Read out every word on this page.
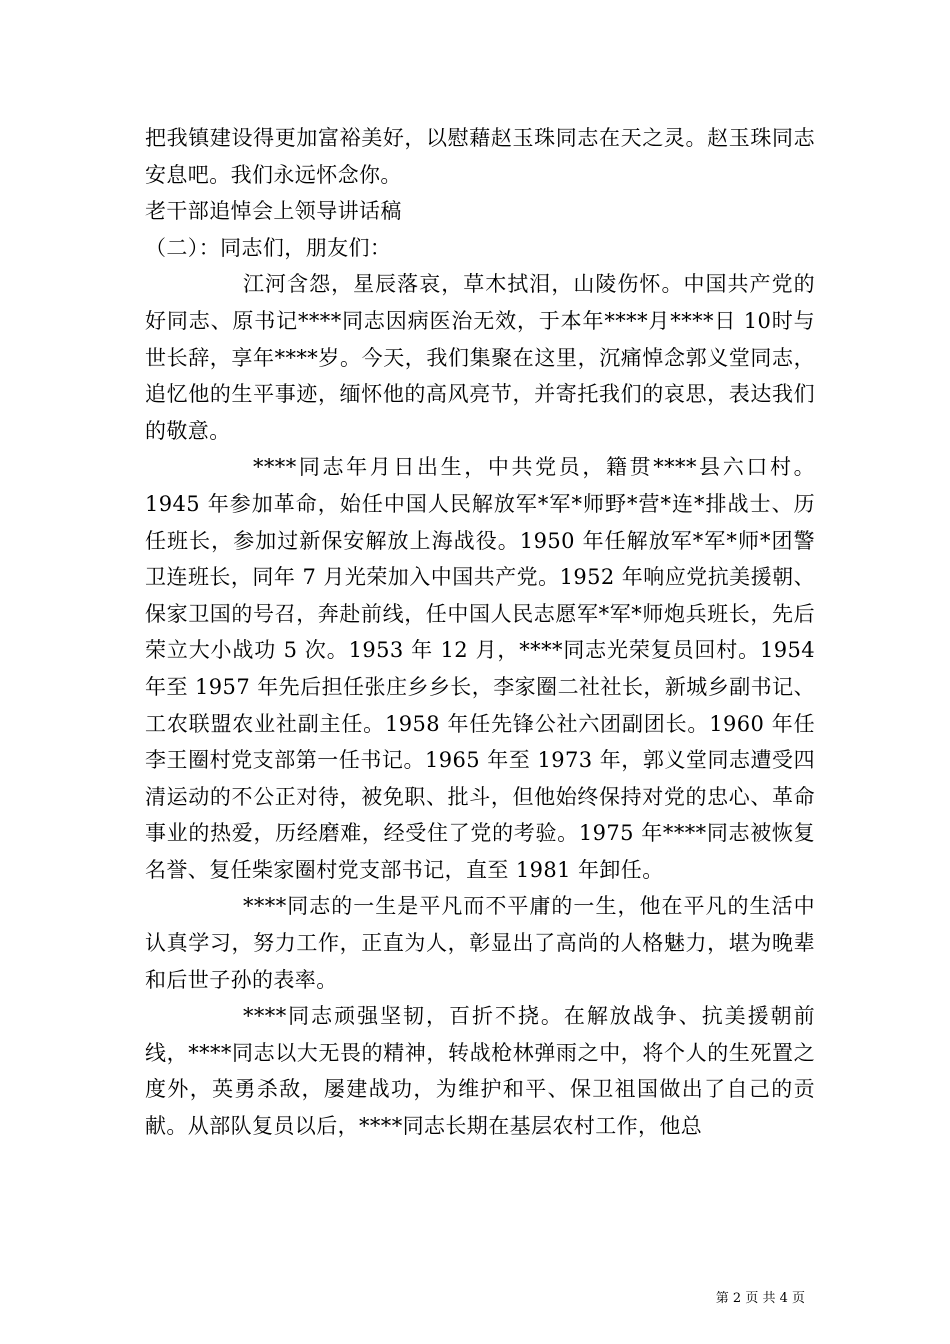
把我镇建设得更加富裕美好，以慰藉赵玉珠同志在天之灵。赵玉珠同志安息吧。我们永远怀念你。

老干部追悼会上领导讲话稿

（二）：同志们，朋友们：

江河含怨，星辰落哀，草木拭泪，山陵伤怀。中国共产党的好同志、原书记****同志因病医治无效，于本年****月****日 10时与世长辞，享年****岁。今天，我们集聚在这里，沉痛悼念郭义堂同志，追忆他的生平事迹，缅怀他的高风亮节，并寄托我们的哀思，表达我们的敬意。

****同志年月日出生，中共党员，籍贯****县六口村。1945 年参加革命，始任中国人民解放军*军*师野*营*连*排战士、历任班长，参加过新保安解放上海战役。1950 年任解放军*军*师*团警卫连班长，同年 7 月光荣加入中国共产党。1952 年响应党抗美援朝、保家卫国的号召，奔赴前线，任中国人民志愿军*军*师炮兵班长，先后荣立大小战功 5 次。1953 年 12 月，****同志光荣复员回村。1954 年至 1957 年先后担任张庄乡乡长，李家圈二社社长，新城乡副书记、工农联盟农业社副主任。1958 年任先锋公社六团副团长。1960 年任李王圈村党支部第一任书记。1965 年至 1973 年，郭义堂同志遭受四清运动的不公正对待，被免职、批斗，但他始终保持对党的忠心、革命事业的热爱，历经磨难，经受住了党的考验。1975 年****同志被恢复名誉、复任柴家圈村党支部书记，直至 1981 年卸任。

****同志的一生是平凡而不平庸的一生，他在平凡的生活中认真学习，努力工作，正直为人，彰显出了高尚的人格魅力，堪为晚辈和后世子孙的表率。

****同志顽强坚韧，百折不挠。在解放战争、抗美援朝前线，****同志以大无畏的精神，转战枪林弹雨之中，将个人的生死置之度外，英勇杀敌，屡建战功，为维护和平、保卫祖国做出了自己的贡献。从部队复员以后，****同志长期在基层农村工作，他总

第 2 页 共 4 页
